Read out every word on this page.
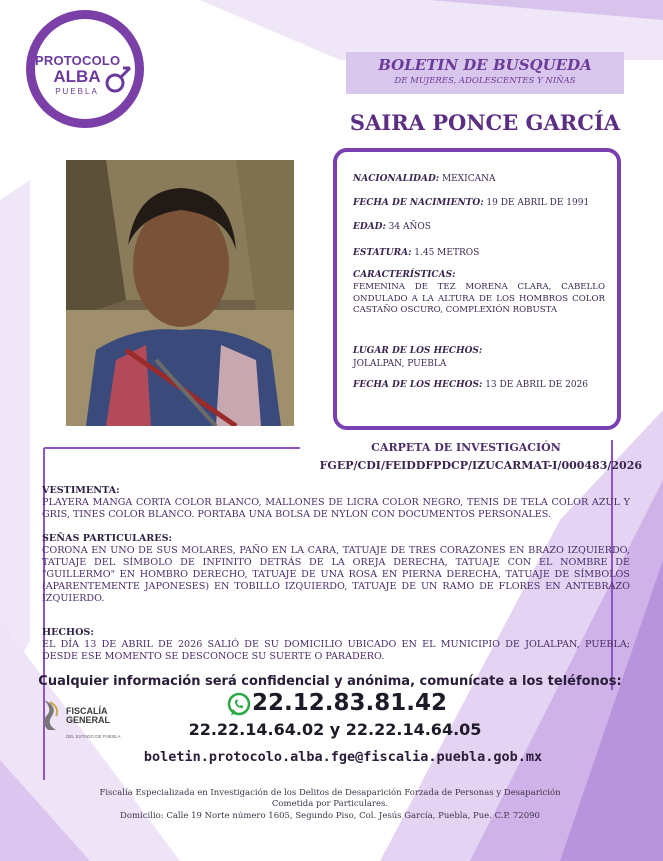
PROTOCOLO
ALBA
PUEBLA
BOLETIN DE BUSQUEDA
DE MUJERES, ADOLESCENTES Y NIÑAS
SAIRA PONCE GARCÍA
NACIONALIDAD: MEXICANA
FECHA DE NACIMIENTO: 19 DE ABRIL DE 1991
EDAD: 34 AÑOS
ESTATURA: 1.45 METROS
CARACTERÍSTICAS:
FEMENINA DE TEZ MORENA CLARA, CABELLO ONDULADO A LA ALTURA DE LOS HOMBROS COLOR CASTAÑO OSCURO, COMPLEXIÓN ROBUSTA
LUGAR DE LOS HECHOS:
JOLALPAN, PUEBLA
FECHA DE LOS HECHOS: 13 DE ABRIL DE 2026
CARPETA DE INVESTIGACIÓN
FGEP/CDI/FEIDDFPDCP/IZUCARMAT-I/000483/2026
VESTIMENTA:
PLAYERA MANGA CORTA COLOR BLANCO, MALLONES DE LICRA COLOR NEGRO, TENIS DE TELA COLOR AZUL Y GRIS, TINES COLOR BLANCO. PORTABA UNA BOLSA DE NYLON CON DOCUMENTOS PERSONALES.
SEÑAS PARTICULARES:
CORONA EN UNO DE SUS MOLARES, PAÑO EN LA CARA, TATUAJE DE TRES CORAZONES EN BRAZO IZQUIERDO, TATUAJE DEL SÍMBOLO DE INFINITO DETRÁS DE LA OREJA DERECHA, TATUAJE CON EL NOMBRE DE "GUILLERMO" EN HOMBRO DERECHO, TATUAJE DE UNA ROSA EN PIERNA DERECHA, TATUAJE DE SÍMBOLOS (APARENTEMENTE JAPONESES) EN TOBILLO IZQUIERDO, TATUAJE DE UN RAMO DE FLORES EN ANTEBRAZO IZQUIERDO.
HECHOS:
EL DÍA 13 DE ABRIL DE 2026 SALIÓ DE SU DOMICILIO UBICADO EN EL MUNICIPIO DE JOLALPAN, PUEBLA; DESDE ESE MOMENTO SE DESCONOCE SU SUERTE O PARADERO.
Cualquier información será confidencial y anónima, comunícate a los teléfonos:
22.12.83.81.42
22.22.14.64.02 y 22.22.14.64.05
boletin.protocolo.alba.fge@fiscalia.puebla.gob.mx
FISCALÍA
GENERAL
DEL ESTADO DE PUEBLA
Fiscalía Especializada en Investigación de los Delitos de Desaparición Forzada de Personas y Desaparición
Cometida por Particulares.
Domicilio: Calle 19 Norte número 1605, Segundo Piso, Col. Jesús García, Puebla, Pue. C.P. 72090
